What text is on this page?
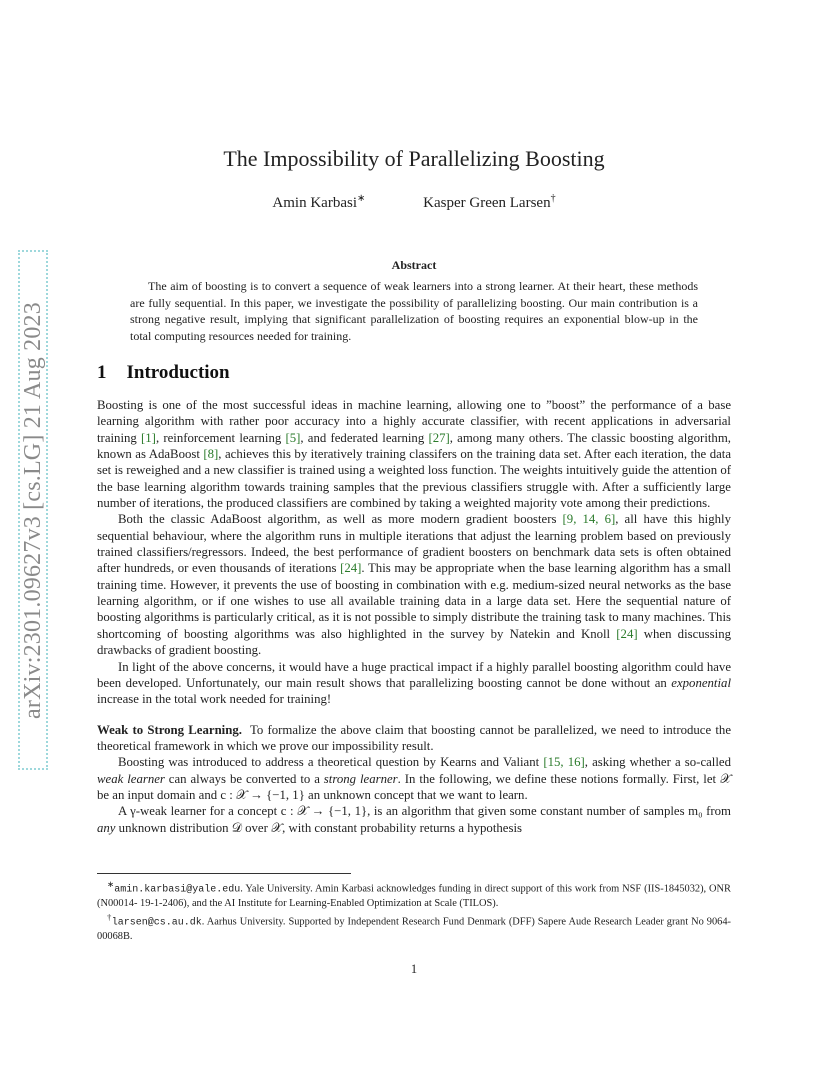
arXiv:2301.09627v3 [cs.LG] 21 Aug 2023
The Impossibility of Parallelizing Boosting
Amin Karbasi∗	Kasper Green Larsen†
Abstract
The aim of boosting is to convert a sequence of weak learners into a strong learner. At their heart, these methods are fully sequential. In this paper, we investigate the possibility of parallelizing boosting. Our main contribution is a strong negative result, implying that significant parallelization of boosting requires an exponential blow-up in the total computing resources needed for training.
1 Introduction

Boosting is one of the most successful ideas in machine learning, allowing one to ”boost” the performance of a base learning algorithm with rather poor accuracy into a highly accurate classifier, with recent applications in adversarial training [1], reinforcement learning [5], and federated learning [27], among many others. The classic boosting algorithm, known as AdaBoost [8], achieves this by iteratively training classifers on the training data set. After each iteration, the data set is reweighed and a new classifier is trained using a weighted loss function. The weights intuitively guide the attention of the base learning algorithm towards training samples that the previous classifiers struggle with. After a sufficiently large number of iterations, the produced classifiers are combined by taking a weighted majority vote among their predictions.

Both the classic AdaBoost algorithm, as well as more modern gradient boosters [9, 14, 6], all have this highly sequential behaviour, where the algorithm runs in multiple iterations that adjust the learning problem based on previously trained classifiers/regressors. Indeed, the best performance of gradient boosters on benchmark data sets is often obtained after hundreds, or even thousands of iterations [24]. This may be appropriate when the base learning algorithm has a small training time. However, it prevents the use of boosting in combination with e.g. medium-sized neural networks as the base learning algorithm, or if one wishes to use all available training data in a large data set. Here the sequential nature of boosting algorithms is particularly critical, as it is not possible to simply distribute the training task to many machines. This shortcoming of boosting algorithms was also highlighted in the survey by Natekin and Knoll [24] when discussing drawbacks of gradient boosting.

In light of the above concerns, it would have a huge practical impact if a highly parallel boosting algorithm could have been developed. Unfortunately, our main result shows that parallelizing boosting cannot be done without an exponential increase in the total work needed for training!

Weak to Strong Learning. To formalize the above claim that boosting cannot be parallelized, we need to introduce the theoretical framework in which we prove our impossibility result.

Boosting was introduced to address a theoretical question by Kearns and Valiant [15, 16], asking whether a so-called weak learner can always be converted to a strong learner. In the following, we define these notions formally. First, let 𝒳 be an input domain and c : 𝒳 → {−1, 1} an unknown concept that we want to learn.

A γ-weak learner for a concept c : 𝒳 → {−1, 1}, is an algorithm that given some constant number of samples m₀ from any unknown distribution 𝒟 over 𝒳, with constant probability returns a hypothesis

∗amin.karbasi@yale.edu. Yale University. Amin Karbasi acknowledges funding in direct support of this work from NSF (IIS-1845032), ONR (N00014- 19-1-2406), and the AI Institute for Learning-Enabled Optimization at Scale (TILOS).

†larsen@cs.au.dk. Aarhus University. Supported by Independent Research Fund Denmark (DFF) Sapere Aude Research Leader grant No 9064-00068B.

1
